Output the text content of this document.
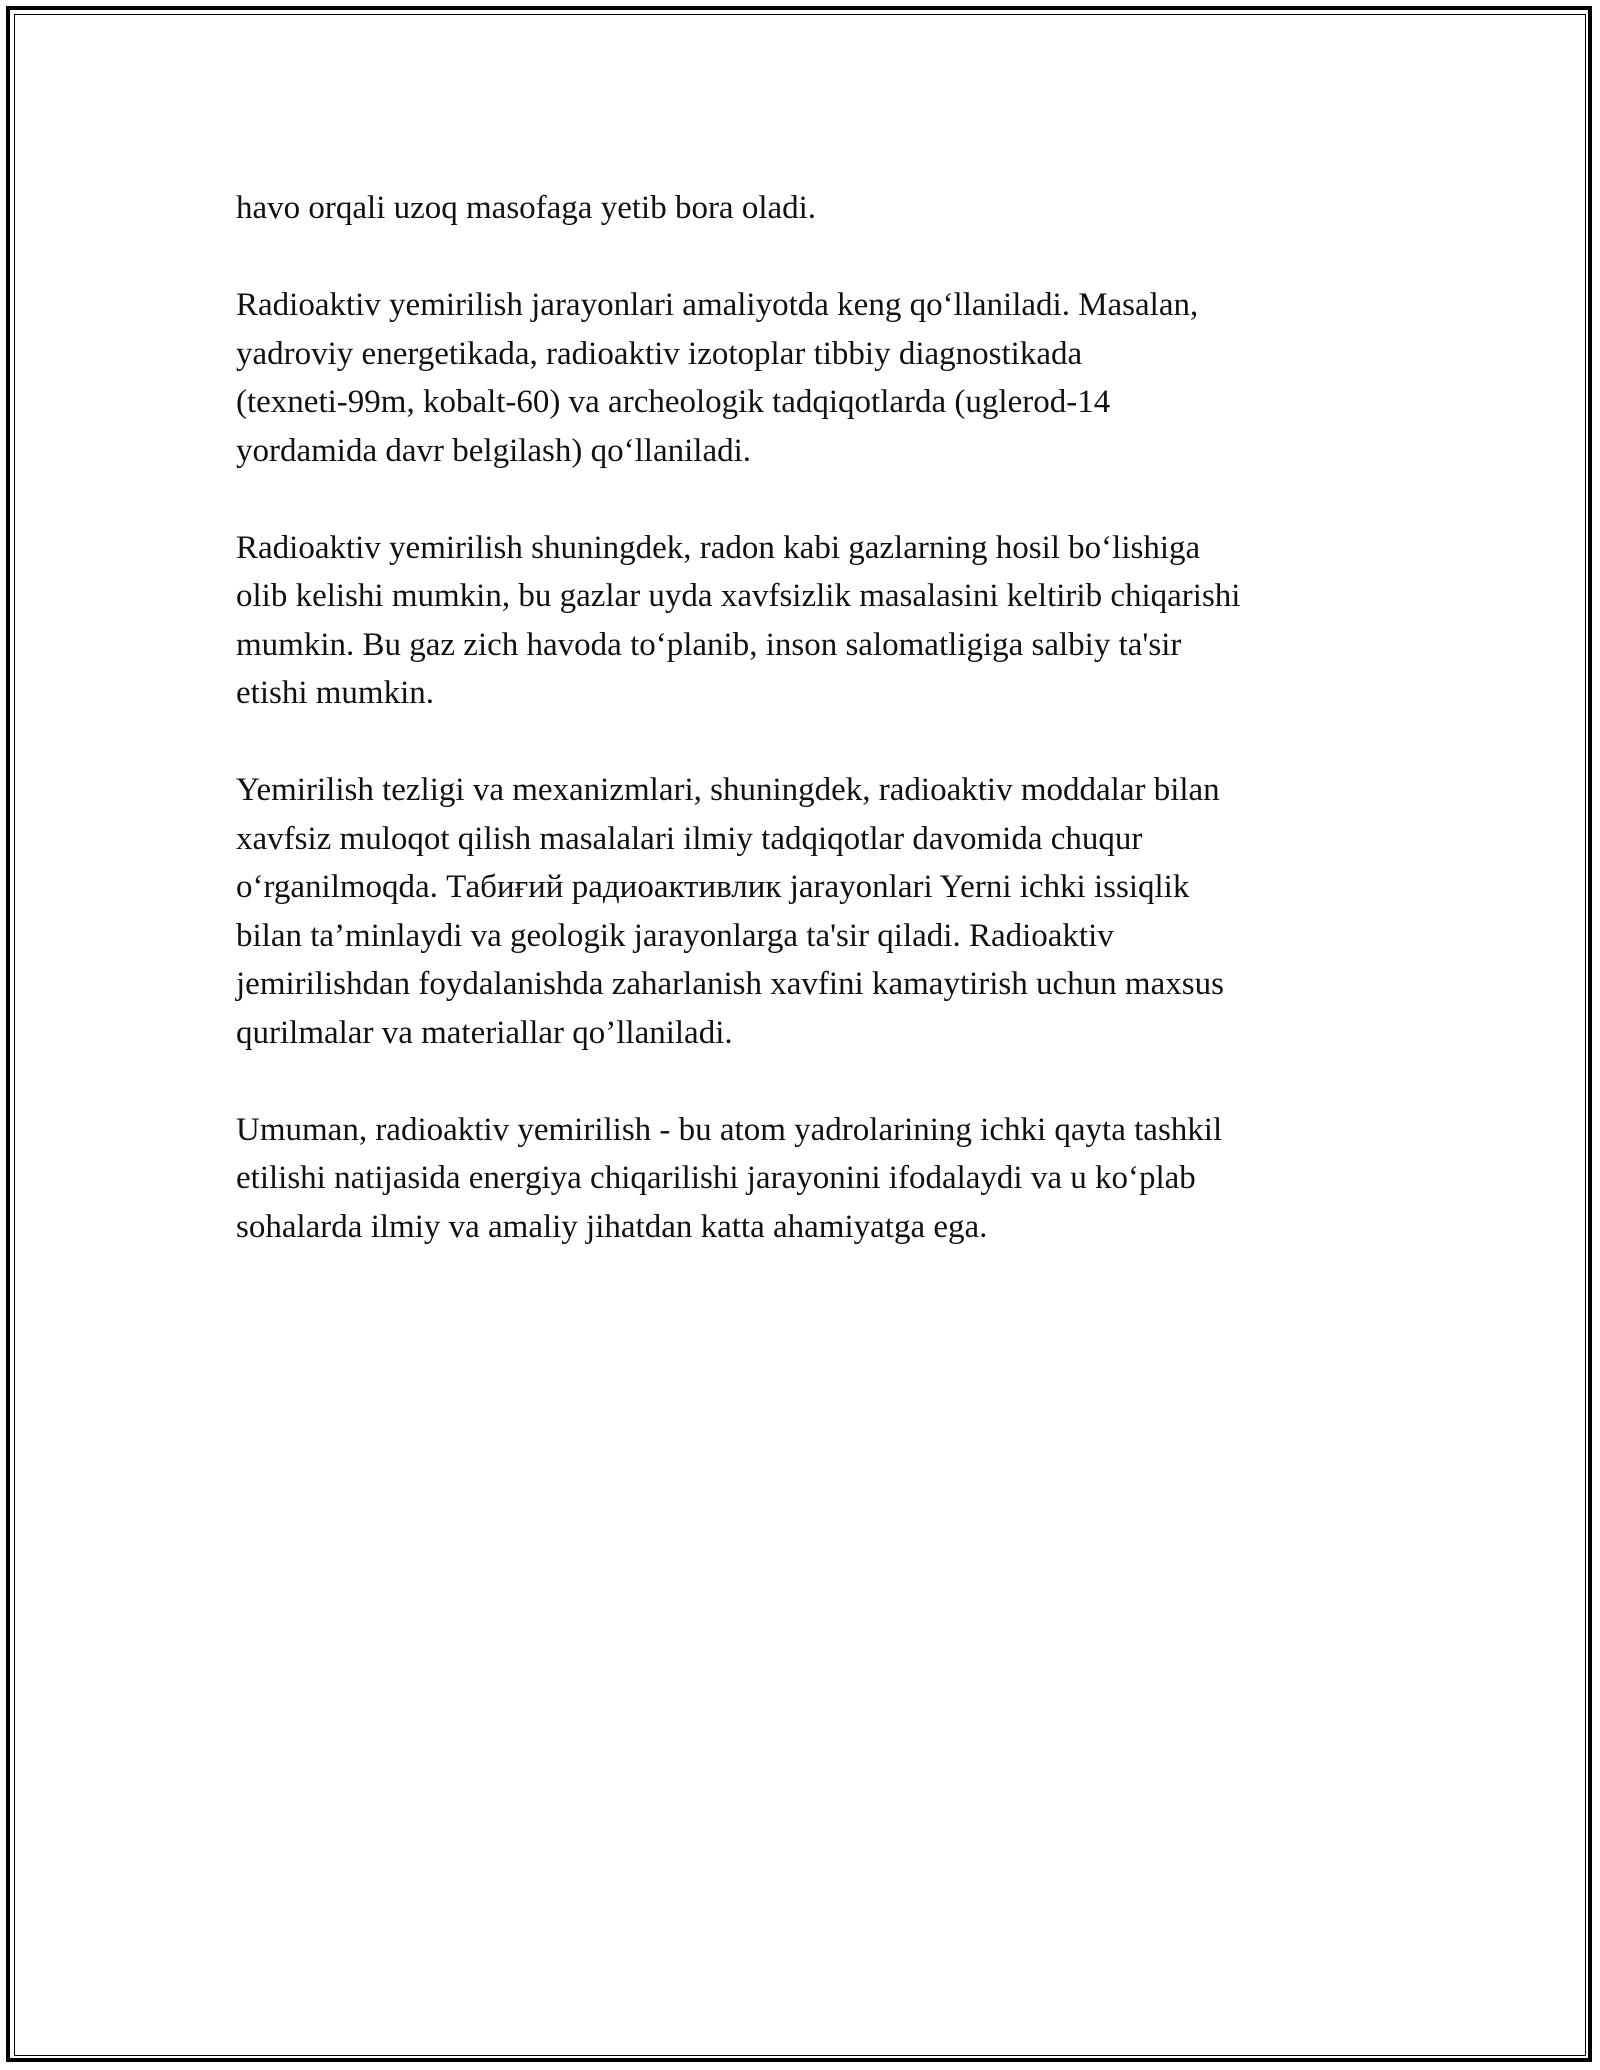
havo orqali uzoq masofaga yetib bora oladi.

Radioaktiv yemirilish jarayonlari amaliyotda keng qo‘llaniladi. Masalan,
yadroviy energetikada, radioaktiv izotoplar tibbiy diagnostikada
(texneti-99m, kobalt-60) va archeologik tadqiqotlarda (uglerod-14
yordamida davr belgilash) qo‘llaniladi.

Radioaktiv yemirilish shuningdek, radon kabi gazlarning hosil bo‘lishiga
olib kelishi mumkin, bu gazlar uyda xavfsizlik masalasini keltirib chiqarishi
mumkin. Bu gaz zich havoda to‘planib, inson salomatligiga salbiy ta'sir
etishi mumkin.

Yemirilish tezligi va mexanizmlari, shuningdek, radioaktiv moddalar bilan
xavfsiz muloqot qilish masalalari ilmiy tadqiqotlar davomida chuqur
o‘rganilmoqda. Табиғий радиоактивлик jarayonlari Yerni ichki issiqlik
bilan ta’minlaydi va geologik jarayonlarga ta'sir qiladi. Radioaktiv
jemirilishdan foydalanishda zaharlanish xavfini kamaytirish uchun maxsus
qurilmalar va materiallar qo’llaniladi.

Umuman, radioaktiv yemirilish - bu atom yadrolarining ichki qayta tashkil
etilishi natijasida energiya chiqarilishi jarayonini ifodalaydi va u ko‘plab
sohalarda ilmiy va amaliy jihatdan katta ahamiyatga ega.
